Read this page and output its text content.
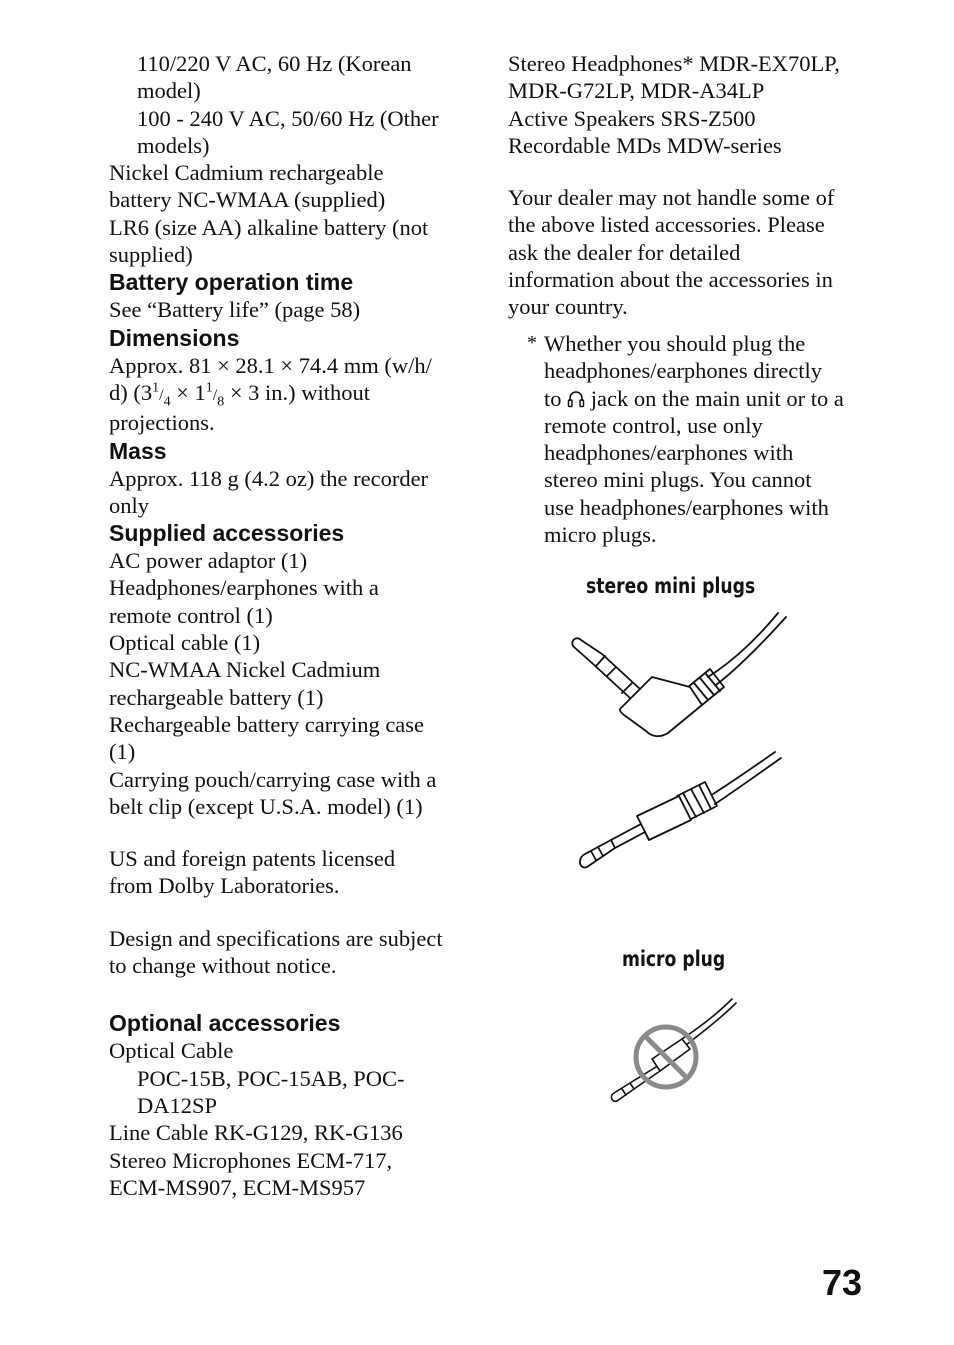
110/220 V AC, 60 Hz (Korean
model)
100 - 240 V AC, 50/60 Hz (Other
models)
Nickel Cadmium rechargeable
battery NC-WMAA (supplied)
LR6 (size AA) alkaline battery (not
supplied)
Battery operation time
See “Battery life” (page 58)
Dimensions
Approx. 81 × 28.1 × 74.4 mm (w/h/
d) ($3^1/_4 \times 1^1/_8 \times 3$ in.) without
projections.
Mass
Approx. 118 g (4.2 oz) the recorder
only
Supplied accessories
AC power adaptor (1)
Headphones/earphones with a
remote control (1)
Optical cable (1)
NC-WMAA Nickel Cadmium
rechargeable battery (1)
Rechargeable battery carrying case
(1)
Carrying pouch/carrying case with a
belt clip (except U.S.A. model) (1)
US and foreign patents licensed
from Dolby Laboratories.
Design and specifications are subject
to change without notice.
Optional accessories
Optical Cable
POC-15B, POC-15AB, POC-
DA12SP
Line Cable RK-G129, RK-G136
Stereo Microphones ECM-717,
ECM-MS907, ECM-MS957
Stereo Headphones* MDR-EX70LP,
MDR-G72LP, MDR-A34LP
Active Speakers SRS-Z500
Recordable MDs MDW-series
Your dealer may not handle some of
the above listed accessories. Please
ask the dealer for detailed
information about the accessories in
your country.
* Whether you should plug the
headphones/earphones directly
to  jack on the main unit or to a
remote control, use only
headphones/earphones with
stereo mini plugs. You cannot
use headphones/earphones with
micro plugs.
stereo mini plugs
micro plug
73
